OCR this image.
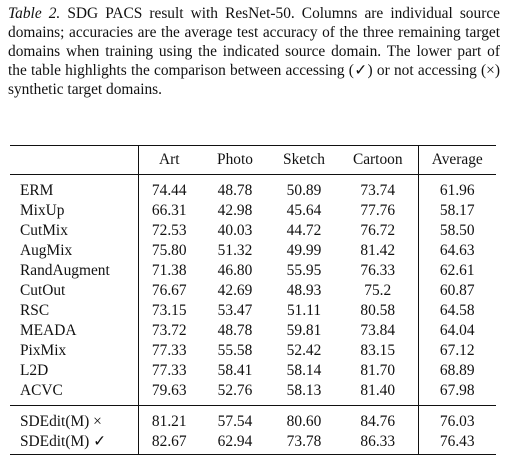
Table 2. SDG PACS result with ResNet-50. Columns are individual source domains; accuracies are the average test accuracy of the three remaining target domains when training using the indicated source domain. The lower part of the table highlights the comparison between accessing (✓) or not accessing (×) synthetic target domains.
	Art	Photo	Sketch	Cartoon	Average
ERM	74.44	48.78	50.89	73.74	61.96
MixUp	66.31	42.98	45.64	77.76	58.17
CutMix	72.53	40.03	44.72	76.72	58.50
AugMix	75.80	51.32	49.99	81.42	64.63
RandAugment	71.38	46.80	55.95	76.33	62.61
CutOut	76.67	42.69	48.93	75.2	60.87
RSC	73.15	53.47	51.11	80.58	64.58
MEADA	73.72	48.78	59.81	73.84	64.04
PixMix	77.33	55.58	52.42	83.15	67.12
L2D	77.33	58.41	58.14	81.70	68.89
ACVC	79.63	52.76	58.13	81.40	67.98
SDEdit(M) ×	81.21	57.54	80.60	84.76	76.03
SDEdit(M) ✓	82.67	62.94	73.78	86.33	76.43
